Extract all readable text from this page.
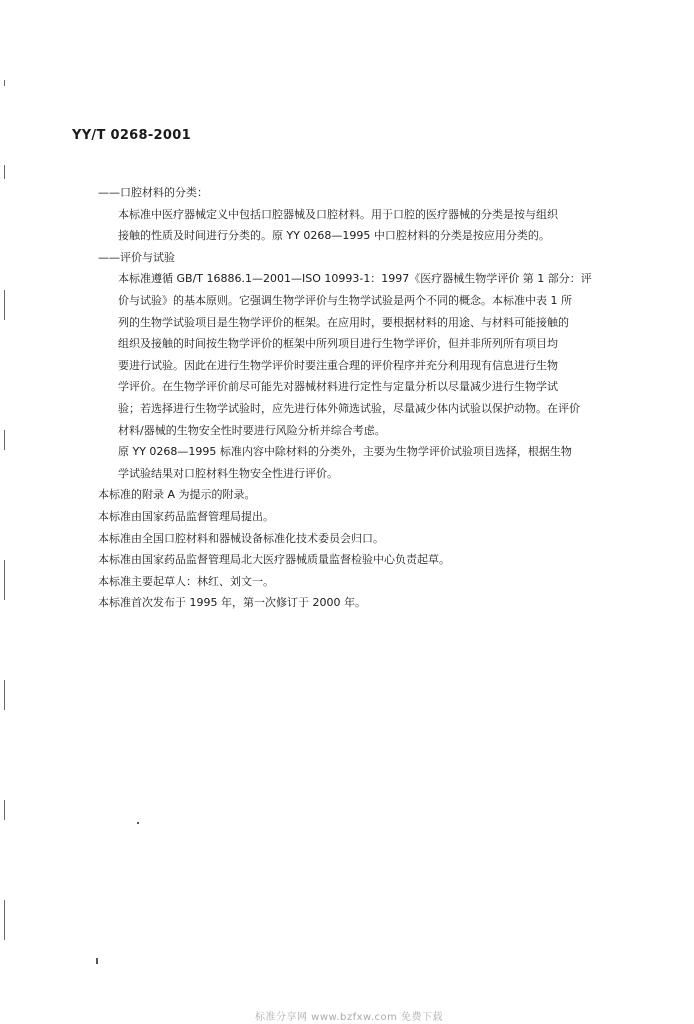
YY/T 0268-2001
——口腔材料的分类：
本标准中医疗器械定义中包括口腔器械及口腔材料。用于口腔的医疗器械的分类是按与组织
接触的性质及时间进行分类的。原 YY 0268—1995 中口腔材料的分类是按应用分类的。
——评价与试验
本标准遵循 GB/T 16886.1—2001—ISO 10993-1：1997《医疗器械生物学评价 第 1 部分：评
价与试验》的基本原则。它强调生物学评价与生物学试验是两个不同的概念。本标准中表 1 所
列的生物学试验项目是生物学评价的框架。在应用时，要根据材料的用途、与材料可能接触的
组织及接触的时间按生物学评价的框架中所列项目进行生物学评价，但并非所列所有项目均
要进行试验。因此在进行生物学评价时要注重合理的评价程序并充分利用现有信息进行生物
学评价。在生物学评价前尽可能先对器械材料进行定性与定量分析以尽量减少进行生物学试
验；若选择进行生物学试验时，应先进行体外筛选试验，尽量减少体内试验以保护动物。在评价
材料/器械的生物安全性时要进行风险分析并综合考虑。
原 YY 0268—1995 标准内容中除材料的分类外，主要为生物学评价试验项目选择，根据生物
学试验结果对口腔材料生物安全性进行评价。
本标准的附录 A 为提示的附录。
本标准由国家药品监督管理局提出。
本标准由全国口腔材料和器械设备标准化技术委员会归口。
本标准由国家药品监督管理局北大医疗器械质量监督检验中心负责起草。
本标准主要起草人：林红、刘文一。
本标准首次发布于 1995 年，第一次修订于 2000 年。
标准分享网 www.bzfxw.com 免费下载
